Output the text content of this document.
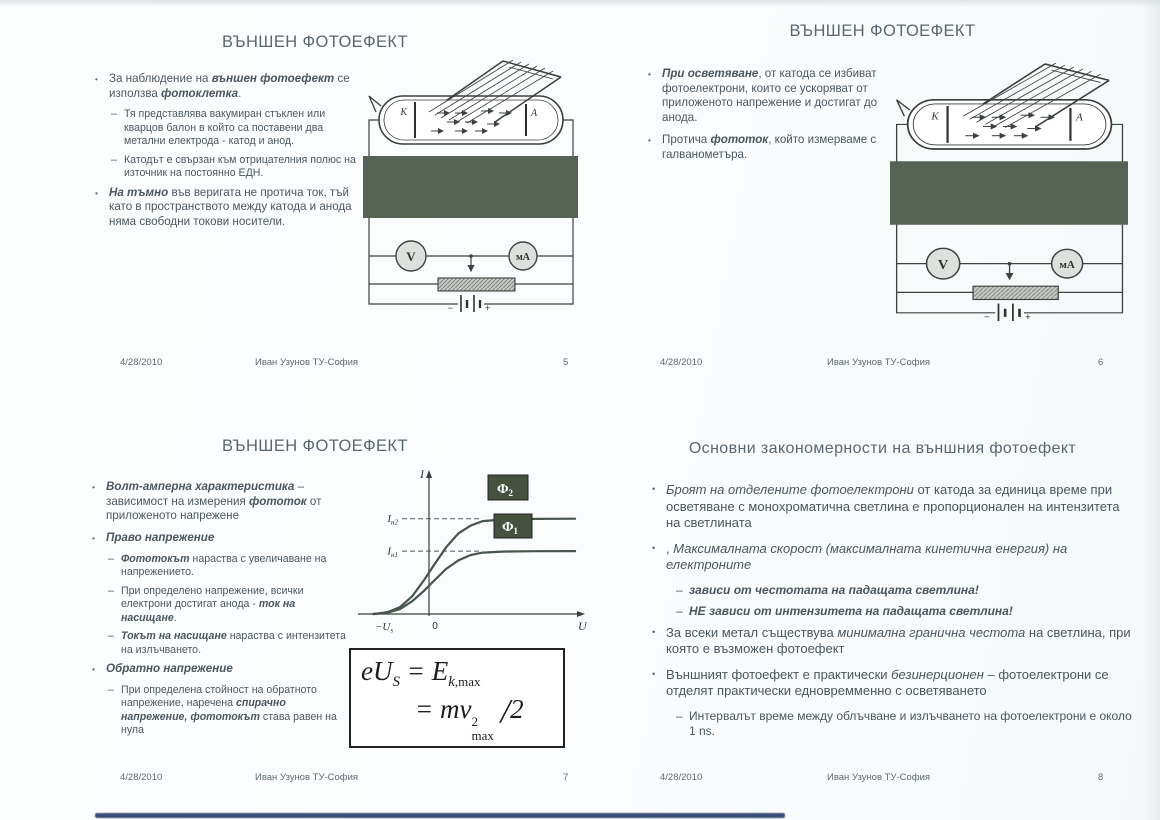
ВЪНШЕН ФОТОЕФЕКТ
• За наблюдение на външен фотоефект се използва фотоклетка.
– Тя представлява вакумиран стъклен или кварцов балон в който са поставени два метални електрода - катод и анод.
– Катодът е свързан към отрицателния полюс на източник на постоянно ЕДН.
• На тъмно във веригата не протича ток, тъй като в пространството между катода и анода няма свободни токови носители.
K	A
V	мА
−	+
4/28/2010	Иван Узунов ТУ-София	5
ВЪНШЕН ФОТОЕФЕКТ
• При осветяване, от катода се избиват фотоелектрони, които се ускоряват от приложеното напрежение и достигат до анода.
• Протича фототок, който измерваме с галванометъра.
K	A
V	мА
−	+
4/28/2010	Иван Узунов ТУ-София	6
ВЪНШЕН ФОТОЕФЕКТ
• Волт-амперна характеристика – зависимост на измерения фототок от приложеното напрежене
• Право напрежение
– Фототокът нараства с увеличаване на напрежението.
– При определено напрежение, всички електрони достигат анода - ток на насищане.
– Токът на насищане нараства с интензитета на излъчването.
• Обратно напрежение
– При определена стойност на обратното напрежение, наречена спирачно напрежение, фототокът става равен на нула
I
U
0
$-U_s$
$I_{н2}$
$I_{н1}$
$\Phi_2$
$\Phi_1$
$eU_S = E_{k,max}$
= mv 2
max
/2
4/28/2010	Иван Узунов ТУ-София	7
Основни закономерности на външния фотоефект
• Броят на отделените фотоелектрони от катода за единица време при осветяване с монохроматична светлина е пропорционален на интензитета на светлината
• , Максималната скорост (максималната кинетична енергия) на електроните
– зависи от честотата на падащата светлина!
– НЕ зависи от интензитета на падащата светлина!
• За всеки метал съществува минимална гранична честота на светлина, при която е възможен фотоефект
• Външният фотоефект е практически безинерционен – фотоелектрони се отделят практически едновремменно с осветяването
– Интервалът време между облъчване и излъчването на фотоелектрони е около 1 ns.
4/28/2010	Иван Узунов ТУ-София	8
